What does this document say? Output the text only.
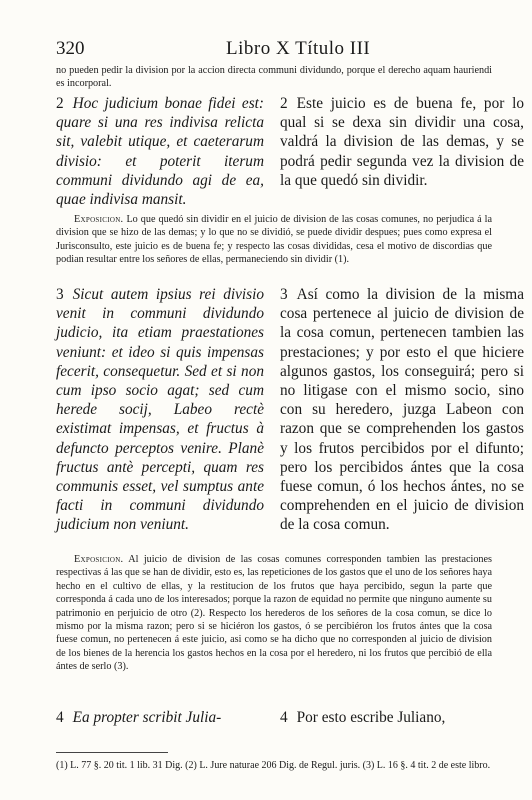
320	Libro X Título III
no pueden pedir la division por la accion directa communi dividundo, porque el derecho aquam hauriendi es incorporal.

2 Hoc judicium bonae fidei est: quare si una res indivisa relicta sit, valebit utique, et caeterarum divisio: et poterit iterum communi dividundo agi de ea, quae indivisa mansit.

2 Este juicio es de buena fe, por lo qual si se dexa sin dividir una cosa, valdrá la division de las demas, y se podrá pedir segunda vez la division de la que quedó sin dividir.

Exposicion. Lo que quedó sin dividir en el juicio de division de las cosas comunes, no perjudica á la division que se hizo de las demas; y lo que no se dividió, se puede dividir despues; pues como expresa el Jurisconsulto, este juicio es de buena fe; y respecto las cosas divididas, cesa el motivo de discordias que podian resultar entre los señores de ellas, permaneciendo sin dividir (1).

3 Sicut autem ipsius rei divisio venit in communi dividundo judicio, ita etiam praestationes veniunt: et ideo si quis impensas fecerit, consequetur. Sed et si non cum ipso socio agat; sed cum herede socij, Labeo rectè existimat impensas, et fructus à defuncto perceptos venire. Planè fructus antè percepti, quam res communis esset, vel sumptus ante facti in communi dividundo judicium non veniunt.

3 Así como la division de la misma cosa pertenece al juicio de division de la cosa comun, pertenecen tambien las prestaciones; y por esto el que hiciere algunos gastos, los conseguirá; pero si no litigase con el mismo socio, sino con su heredero, juzga Labeon con razon que se comprehenden los gastos y los frutos percibidos por el difunto; pero los percibidos ántes que la cosa fuese comun, ó los hechos ántes, no se comprehenden en el juicio de division de la cosa comun.

Exposicion. Al juicio de division de las cosas comunes corresponden tambien las prestaciones respectivas á las que se han de dividir, esto es, las repeticiones de los gastos que el uno de los señores haya hecho en el cultivo de ellas, y la restitucion de los frutos que haya percibido, segun la parte que corresponda á cada uno de los interesados; porque la razon de equidad no permite que ninguno aumente su patrimonio en perjuicio de otro (2). Respecto los herederos de los señores de la cosa comun, se dice lo mismo por la misma razon; pero si se hiciéron los gastos, ó se percibiéron los frutos ántes que la cosa fuese comun, no pertenecen á este juicio, asi como se ha dicho que no corresponden al juicio de division de los bienes de la herencia los gastos hechos en la cosa por el heredero, ni los frutos que percibió de ella ántes de serlo (3).

4 Ea propter scribit Julia-	4 Por esto escribe Juliano,

(1) L. 77 §. 20 tit. 1 lib. 31 Dig. (2) L. Jure naturae 206 Dig. de Regul. juris. (3) L. 16 §. 4 tit. 2 de este libro.
